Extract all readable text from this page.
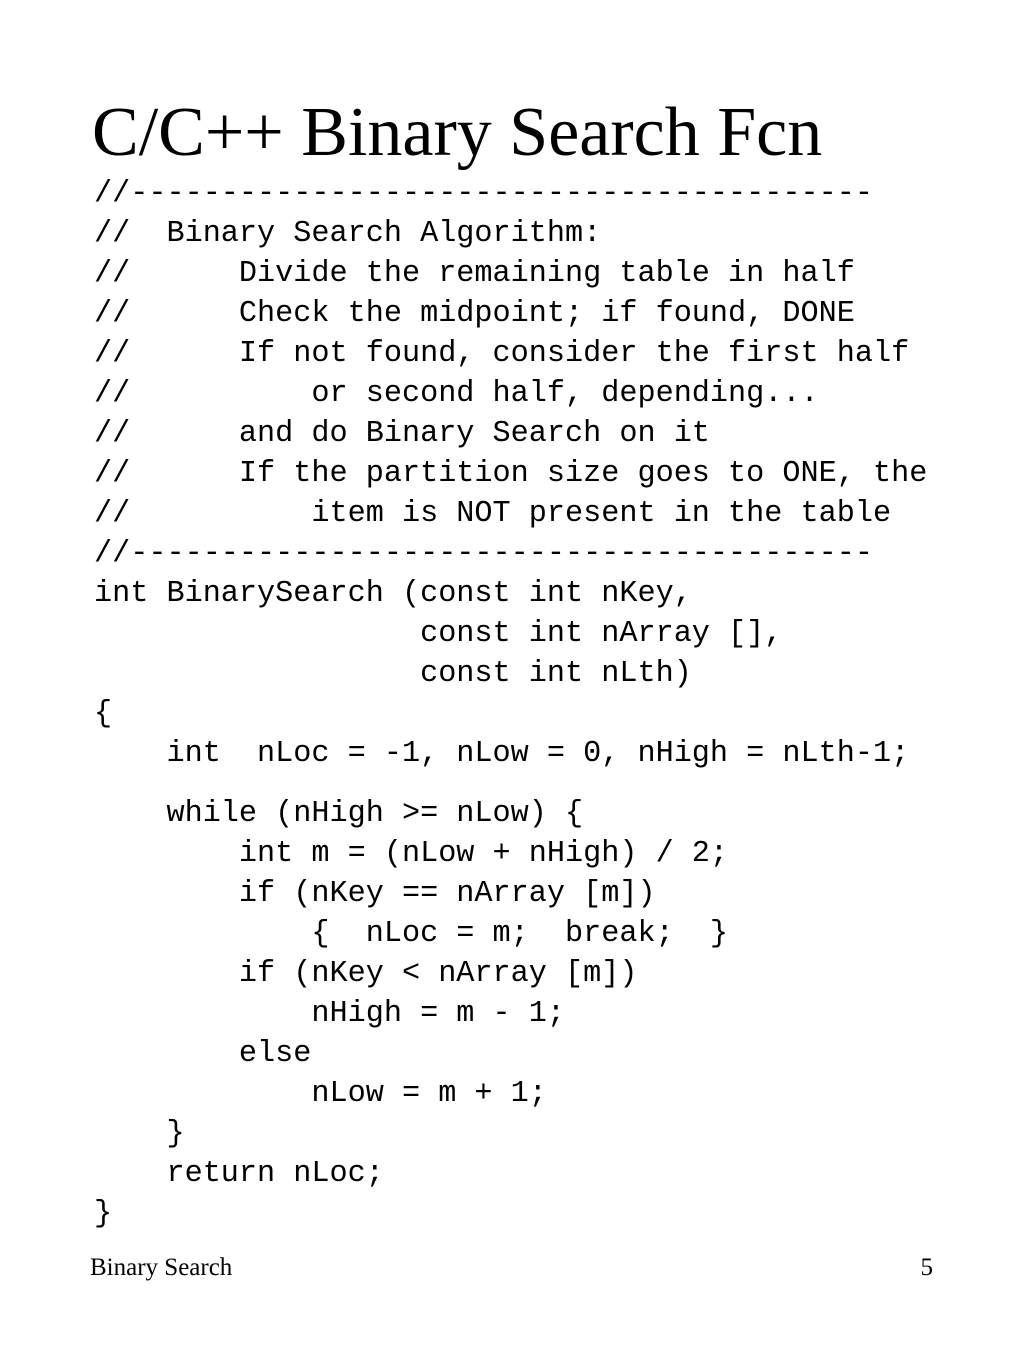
C/C++ Binary Search Fcn
//-----------------------------------------
//  Binary Search Algorithm:
//      Divide the remaining table in half
//      Check the midpoint; if found, DONE
//      If not found, consider the first half
//          or second half, depending...
//      and do Binary Search on it
//      If the partition size goes to ONE, the
//          item is NOT present in the table
//-----------------------------------------
int BinarySearch (const int nKey,
const int nArray [],
const int nLth)
{
int  nLoc = -1, nLow = 0, nHigh = nLth-1;
while (nHigh >= nLow) {
int m = (nLow + nHigh) / 2;
if (nKey == nArray [m])
{  nLoc = m;  break;  }
if (nKey < nArray [m])
nHigh = m - 1;
else
nLow = m + 1;
}
return nLoc;
}
Binary Search	5
